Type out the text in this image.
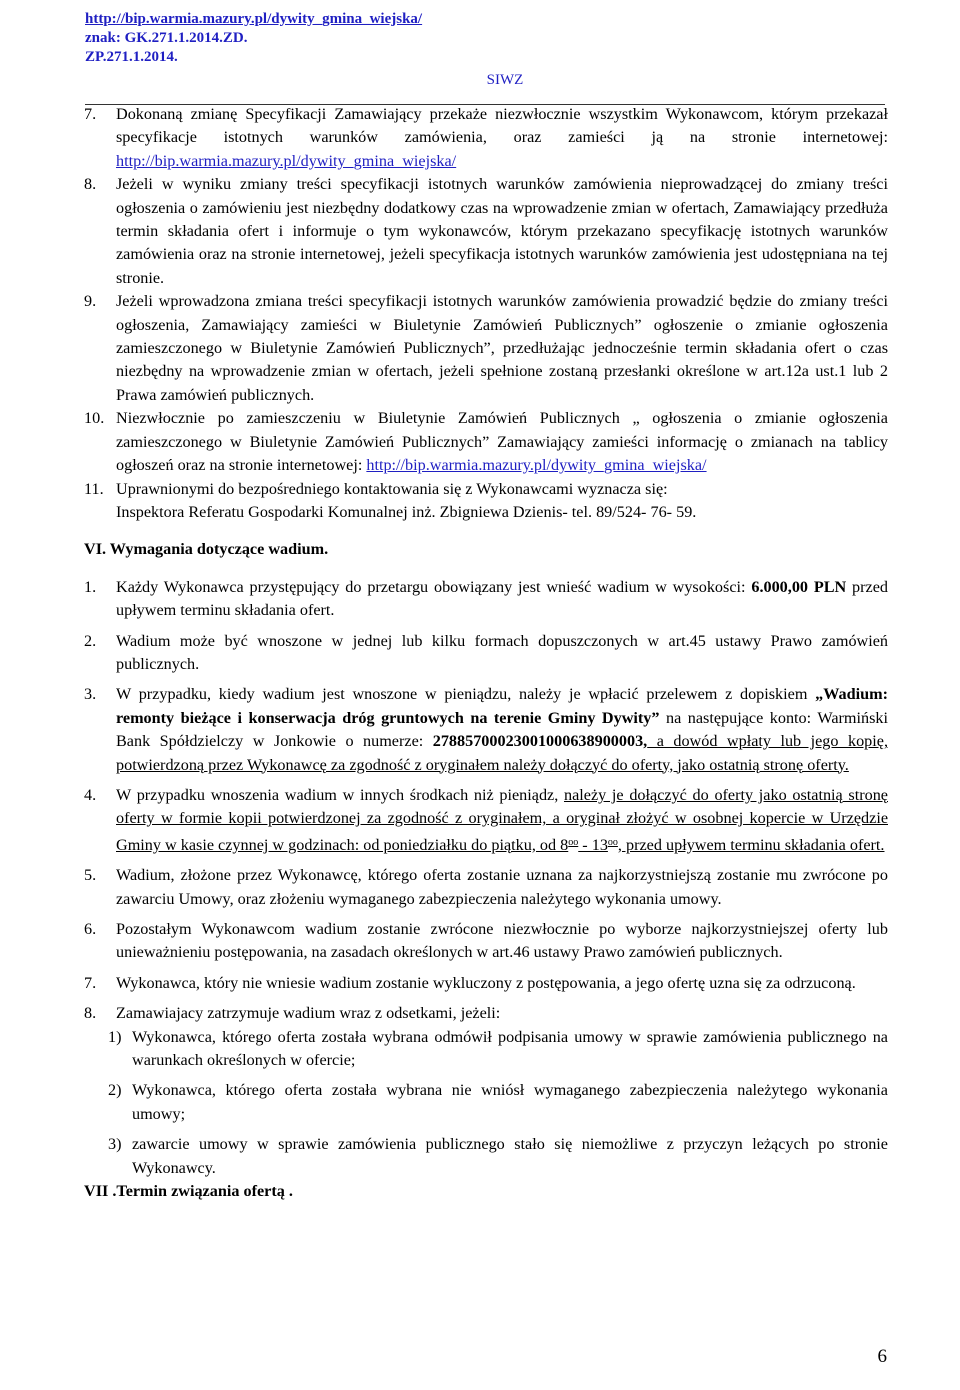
http://bip.warmia.mazury.pl/dywity_gmina_wiejska/
znak: GK.271.1.2014.ZD.
ZP.271.1.2014.
SIWZ

7. Dokonaną zmianę Specyfikacji Zamawiający przekaże niezwłocznie wszystkim Wykonawcom, którym przekazał specyfikacje istotnych warunków zamówienia, oraz zamieści ją na stronie internetowej: http://bip.warmia.mazury.pl/dywity_gmina_wiejska/

8. Jeżeli w wyniku zmiany treści specyfikacji istotnych warunków zamówienia nieprowadzącej do zmiany treści ogłoszenia o zamówieniu jest niezbędny dodatkowy czas na wprowadzenie zmian w ofertach, Zamawiający przedłuża termin składania ofert i informuje o tym wykonawców, którym przekazano specyfikację istotnych warunków zamówienia oraz na stronie internetowej, jeżeli specyfikacja istotnych warunków zamówienia jest udostępniana na tej stronie.

9. Jeżeli wprowadzona zmiana treści specyfikacji istotnych warunków zamówienia prowadzić będzie do zmiany treści ogłoszenia, Zamawiający zamieści w Biuletynie Zamówień Publicznych” ogłoszenie o zmianie ogłoszenia zamieszczonego w Biuletynie Zamówień Publicznych”, przedłużając jednocześnie termin składania ofert o czas niezbędny na wprowadzenie zmian w ofertach, jeżeli spełnione zostaną przesłanki określone w art.12a ust.1 lub 2 Prawa zamówień publicznych.

10. Niezwłocznie po zamieszczeniu w Biuletynie Zamówień Publicznych „ ogłoszenia o zmianie ogłoszenia zamieszczonego w Biuletynie Zamówień Publicznych” Zamawiający zamieści informację o zmianach na tablicy ogłoszeń oraz na stronie internetowej: http://bip.warmia.mazury.pl/dywity_gmina_wiejska/

11. Uprawnionymi do bezpośredniego kontaktowania się z Wykonawcami wyznacza się:
Inspektora Referatu Gospodarki Komunalnej inż. Zbigniewa Dzienis- tel. 89/524- 76- 59.

VI. Wymagania dotyczące wadium.

1. Każdy Wykonawca przystępujący do przetargu obowiązany jest wnieść wadium w wysokości: 6.000,00 PLN przed upływem terminu składania ofert.

2. Wadium może być wnoszone w jednej lub kilku formach dopuszczonych w art.45 ustawy Prawo zamówień publicznych.

3. W przypadku, kiedy wadium jest wnoszone w pieniądzu, należy je wpłacić przelewem z dopiskiem „Wadium: remonty bieżące i konserwacja dróg gruntowych na terenie Gminy Dywity” na następujące konto: Warmiński Bank Spółdzielczy w Jonkowie o numerze: 27885700023001000638900003, a dowód wpłaty lub jego kopię, potwierdzoną przez Wykonawcę za zgodność z oryginałem należy dołączyć do oferty, jako ostatnią stronę oferty.

4. W przypadku wnoszenia wadium w innych środkach niż pieniądz, należy je dołączyć do oferty jako ostatnią stronę oferty w formie kopii potwierdzonej za zgodność z oryginałem, a oryginał złożyć w osobnej kopercie w Urzędzie Gminy w kasie czynnej w godzinach: od poniedziałku do piątku, od $8^{oo} - 13^{oo}$, przed upływem terminu składania ofert.

5. Wadium, złożone przez Wykonawcę, którego oferta zostanie uznana za najkorzystniejszą zostanie mu zwrócone po zawarciu Umowy, oraz złożeniu wymaganego zabezpieczenia należytego wykonania umowy.

6. Pozostałym Wykonawcom wadium zostanie zwrócone niezwłocznie po wyborze najkorzystniejszej oferty lub unieważnieniu postępowania, na zasadach określonych w art.46 ustawy Prawo zamówień publicznych.

7. Wykonawca, który nie wniesie wadium zostanie wykluczony z postępowania, a jego ofertę uzna się za odrzuconą.

8. Zamawiajacy zatrzymuje wadium wraz z odsetkami, jeżeli:

1) Wykonawca, którego oferta została wybrana odmówił podpisania umowy w sprawie zamówienia publicznego na warunkach określonych w ofercie;

2) Wykonawca, którego oferta została wybrana nie wniósł wymaganego zabezpieczenia należytego wykonania umowy;

3) zawarcie umowy w sprawie zamówienia publicznego stało się niemożliwe z przyczyn leżących po stronie Wykonawcy.

VII .Termin związania ofertą .

6
